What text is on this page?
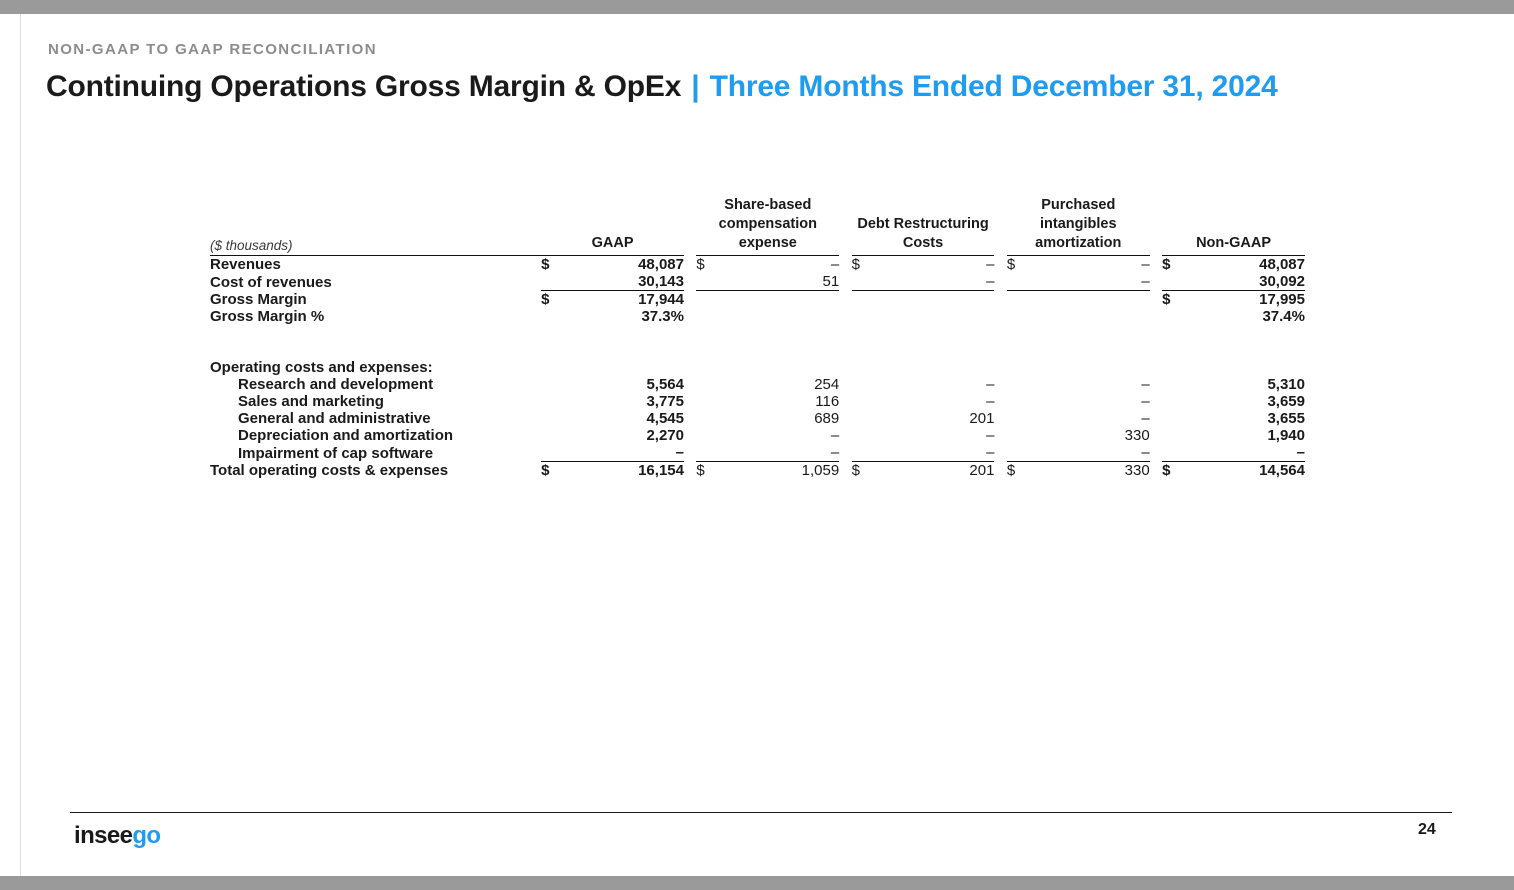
NON-GAAP TO GAAP RECONCILIATION
Continuing Operations Gross Margin & OpEx | Three Months Ended December 31, 2024
($ thousands)	GAAP			Share-based compensation expense			Debt Restructuring Costs			Purchased intangibles amortization			Non-GAAP	

Revenues	$	48,087		$	–		$	–		$	–		$	48,087
Cost of revenues		30,143			51			–			–			30,092
Gross Margin	$	17,944											$	17,995
Gross Margin %		37.3%												37.4%

Operating costs and expenses:														
Research and development		5,564			254			–			–			5,310
Sales and marketing		3,775			116			–			–			3,659
General and administrative		4,545			689			201			–			3,655
Depreciation and amortization		2,270			–			–			330			1,940
Impairment of cap software		–			–			–			–			–
Total operating costs & expenses	$	16,154		$	1,059		$	201		$	330		$	14,564
inseego	24
